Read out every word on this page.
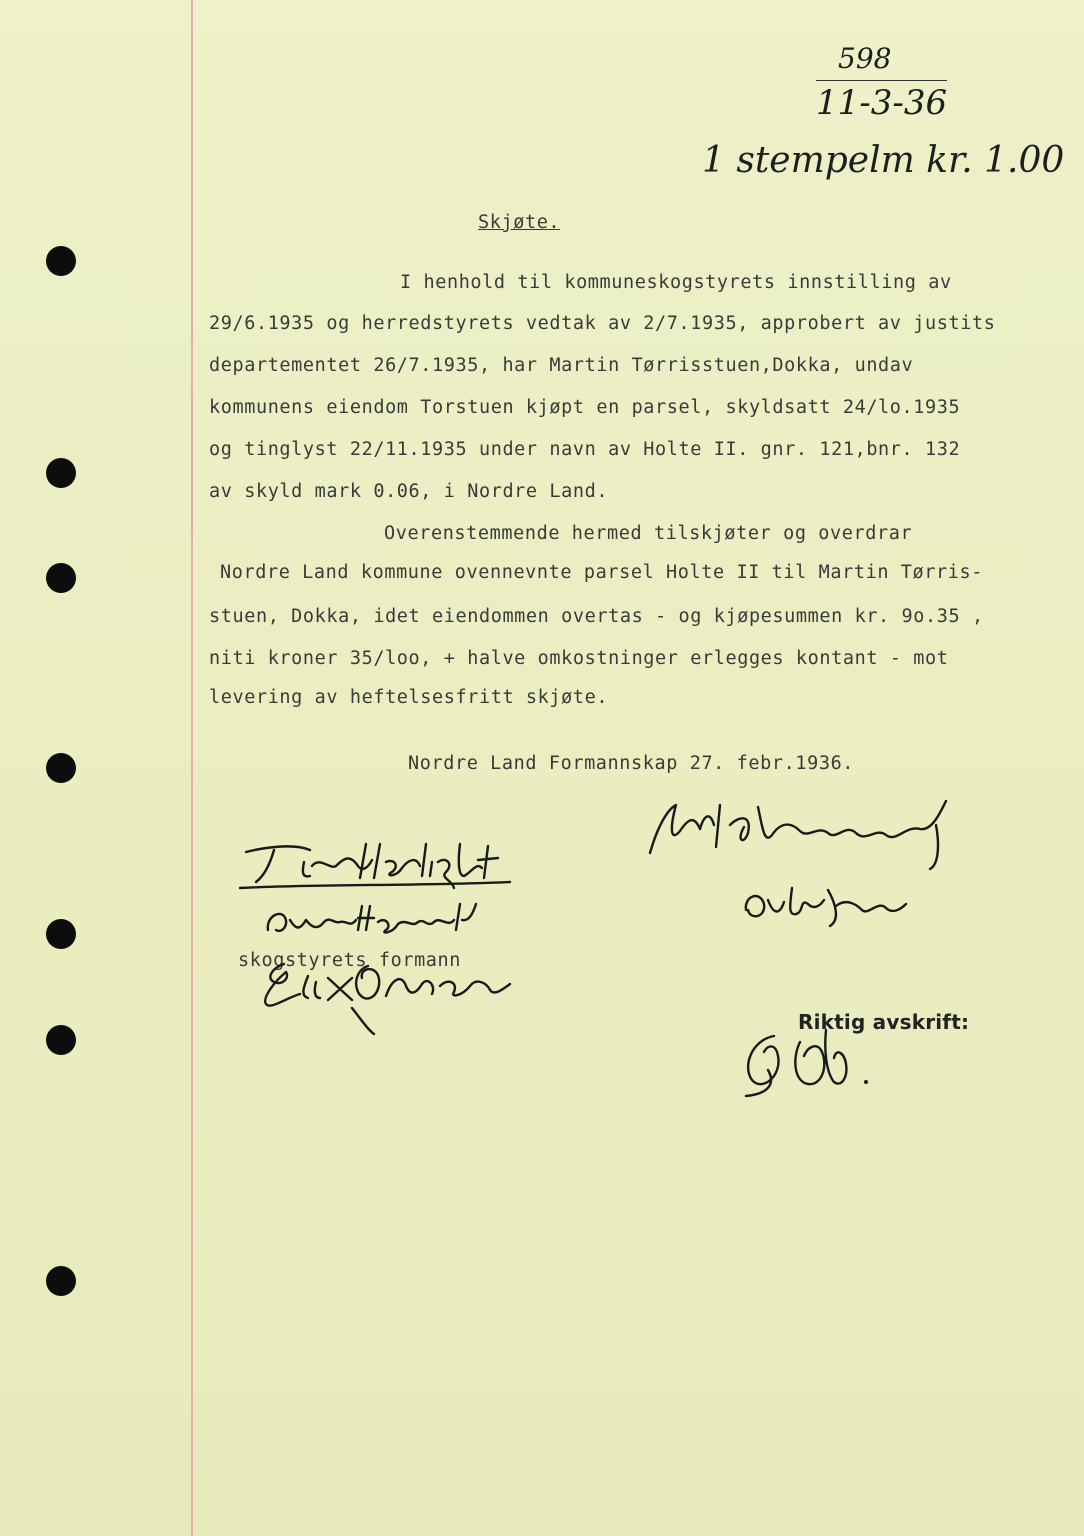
598
11-3-36
1 stempelm kr. 1.00
Skjøte.
I henhold til kommuneskogstyrets innstilling av
29/6.1935 og herredstyrets vedtak av 2/7.1935, approbert av justits
departementet 26/7.1935, har Martin Tørrisstuen,Dokka, undav
kommunens eiendom Torstuen kjøpt en parsel, skyldsatt 24/lo.1935
og tinglyst 22/11.1935 under navn av Holte II. gnr. 121,bnr. 132
av skyld mark 0.06, i Nordre Land.
Overenstemmende hermed tilskjøter og overdrar
Nordre Land kommune ovennevnte parsel Holte II til Martin Tørris-
stuen, Dokka, idet eiendommen overtas - og kjøpesummen kr. 9o.35 ,
niti kroner 35/loo, + halve omkostninger erlegges kontant - mot
levering av heftelsesfritt skjøte.
Nordre Land Formannskap 27. febr.1936.
skogstyrets formann
Riktig avskrift:
